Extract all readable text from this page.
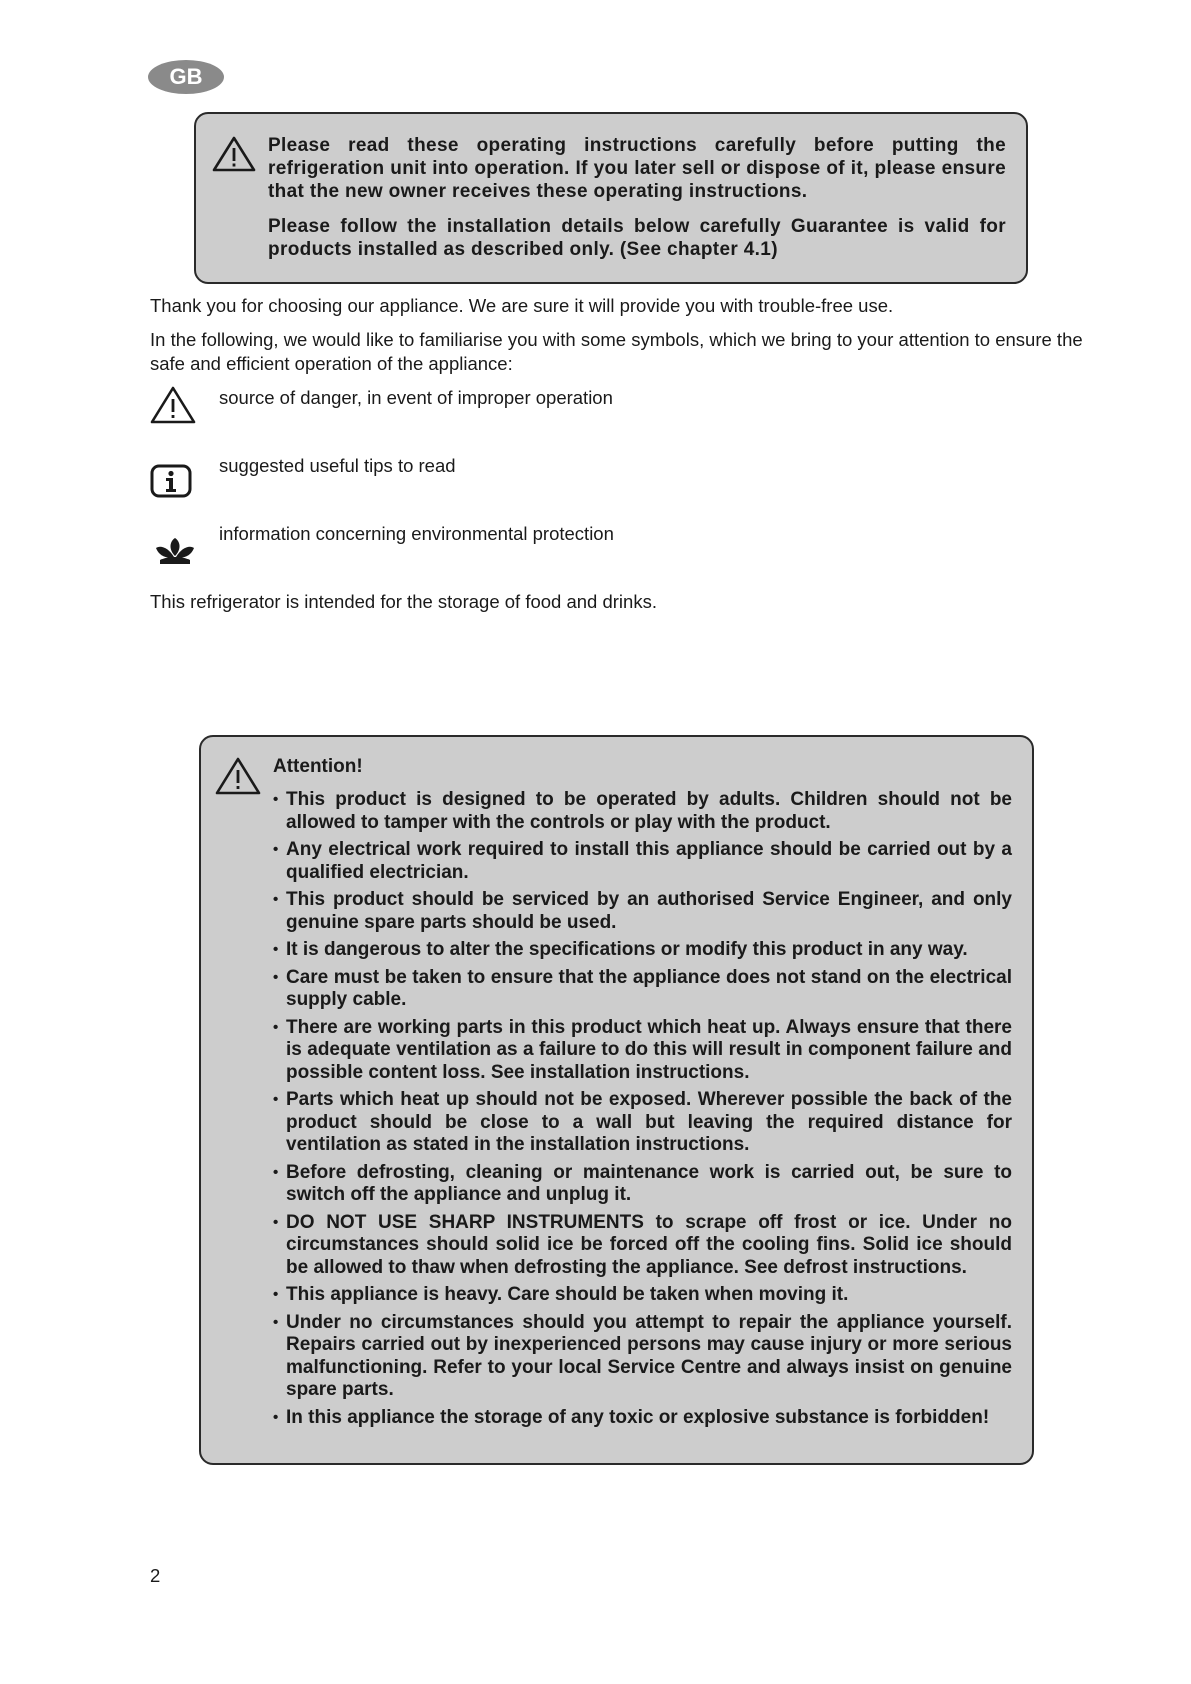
GB

Please read these operating instructions carefully before putting the refrigeration unit into operation. If you later sell or dispose of it, please ensure that the new owner receives these operating instructions.

Please follow the installation details below carefully Guarantee is valid for products installed as described only. (See chapter 4.1)

Thank you for choosing our appliance. We are sure it will provide you with trouble-free use.

In the following, we would like to familiarise you with some symbols, which we bring to your attention to ensure the safe and efficient operation of the appliance:

source of danger, in event of improper operation
suggested useful tips to read
information concerning environmental protection

This refrigerator is intended for the storage of food and drinks.

Attention!
• This product is designed to be operated by adults. Children should not be allowed to tamper with the controls or play with the product.
• Any electrical work required to install this appliance should be carried out by a qualified electrician.
• This product should be serviced by an authorised Service Engineer, and only genuine spare parts should be used.
• It is dangerous to alter the specifications or modify this product in any way.
• Care must be taken to ensure that the appliance does not stand on the electrical supply cable.
• There are working parts in this product which heat up. Always ensure that there is adequate ventilation as a failure to do this will result in component failure and possible content loss. See installation instructions.
• Parts which heat up should not be exposed. Wherever possible the back of the product should be close to a wall but leaving the required distance for ventilation as stated in the installation instructions.
• Before defrosting, cleaning or maintenance work is carried out, be sure to switch off the appliance and unplug it.
• DO NOT USE SHARP INSTRUMENTS to scrape off frost or ice. Under no circumstances should solid ice be forced off the cooling fins. Solid ice should be allowed to thaw when defrosting the appliance. See defrost instructions.
• This appliance is heavy. Care should be taken when moving it.
• Under no circumstances should you attempt to repair the appliance yourself. Repairs carried out by inexperienced persons may cause injury or more serious malfunctioning. Refer to your local Service Centre and always insist on genuine spare parts.
• In this appliance the storage of any toxic or explosive substance is forbidden!
2
